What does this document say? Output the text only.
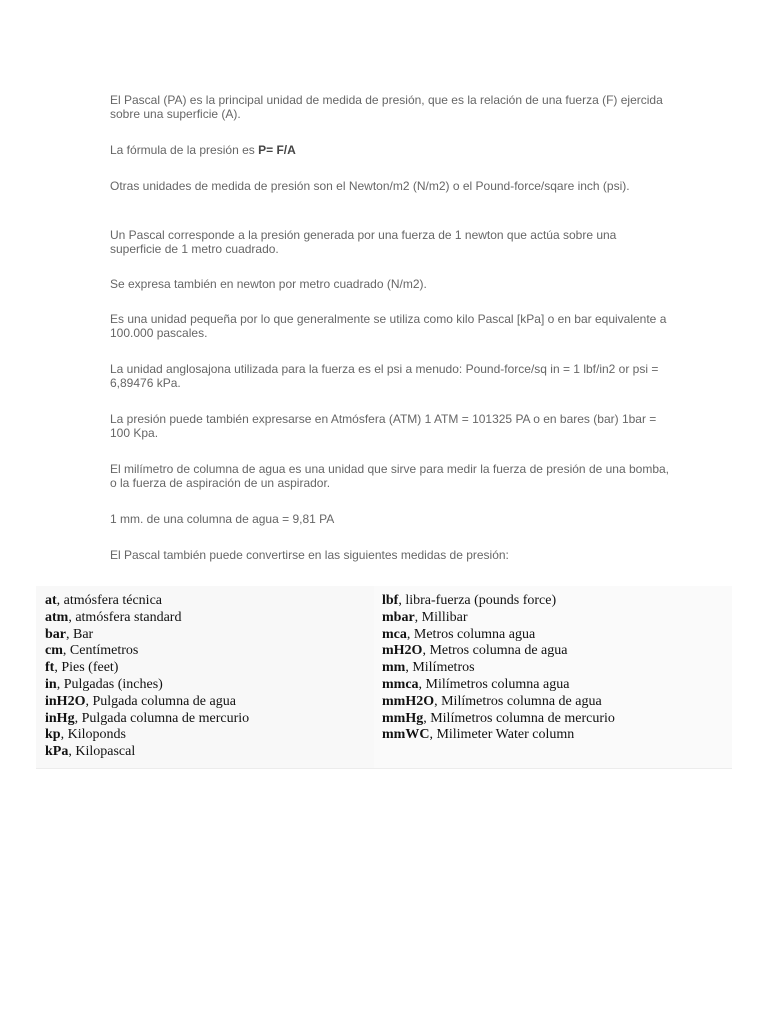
El Pascal (PA) es la principal unidad de medida de presión, que es la relación de una fuerza (F) ejercida sobre una superficie (A).

La fórmula de la presión es P= F/A

Otras unidades de medida de presión son el Newton/m2 (N/m2) o el Pound-force/sqare inch (psi).

Un Pascal corresponde a la presión generada por una fuerza de 1 newton que actúa sobre una superficie de 1 metro cuadrado.

Se expresa también en newton por metro cuadrado (N/m2).

Es una unidad pequeña por lo que generalmente se utiliza como kilo Pascal [kPa] o en bar equivalente a 100.000 pascales.

La unidad anglosajona utilizada para la fuerza es el psi a menudo: Pound-force/sq in = 1 lbf/in2 or psi = 6,89476 kPa.

La presión puede también expresarse en Atmósfera (ATM) 1 ATM = 101325 PA o en bares (bar) 1bar = 100 Kpa.

El milímetro de columna de agua es una unidad que sirve para medir la fuerza de presión de una bomba, o la fuerza de aspiración de un aspirador.

1 mm. de una columna de agua = 9,81 PA

El Pascal también puede convertirse en las siguientes medidas de presión:

at, atmósfera técnica
atm, atmósfera standard
bar, Bar
cm, Centímetros
ft, Pies (feet)
in, Pulgadas (inches)
inH2O, Pulgada columna de agua
inHg, Pulgada columna de mercurio
kp, Kiloponds
kPa, Kilopascal
lbf, libra-fuerza (pounds force)
mbar, Millibar
mca, Metros columna agua
mH2O, Metros columna de agua
mm, Milímetros
mmca, Milímetros columna agua
mmH2O, Milímetros columna de agua
mmHg, Milímetros columna de mercurio
mmWC, Milimeter Water column
